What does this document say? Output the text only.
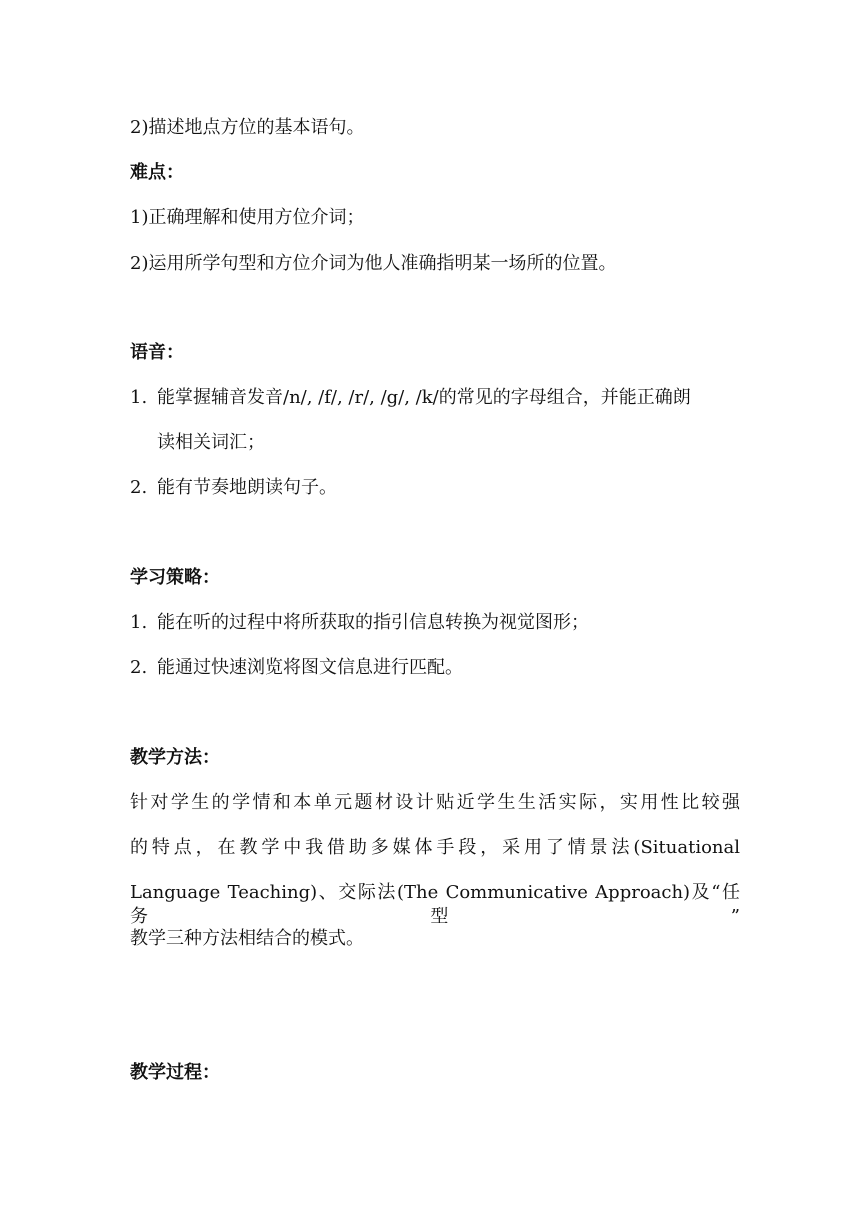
2)描述地点方位的基本语句。
难点：
1)正确理解和使用方位介词；
2)运用所学句型和方位介词为他人准确指明某一场所的位置。
语音：
1. 能掌握辅音发音/n/, /f/, /r/, /g/, /k/的常见的字母组合，并能正确朗
读相关词汇；
2. 能有节奏地朗读句子。
学习策略：
1. 能在听的过程中将所获取的指引信息转换为视觉图形；
2. 能通过快速浏览将图文信息进行匹配。
教学方法：
针对学生的学情和本单元题材设计贴近学生生活实际，实用性比较强
的特点，在教学中我借助多媒体手段，采用了情景法(Situational
Language Teaching)、交际法(The Communicative Approach)及“任务型”
教学三种方法相结合的模式。
教学过程：
